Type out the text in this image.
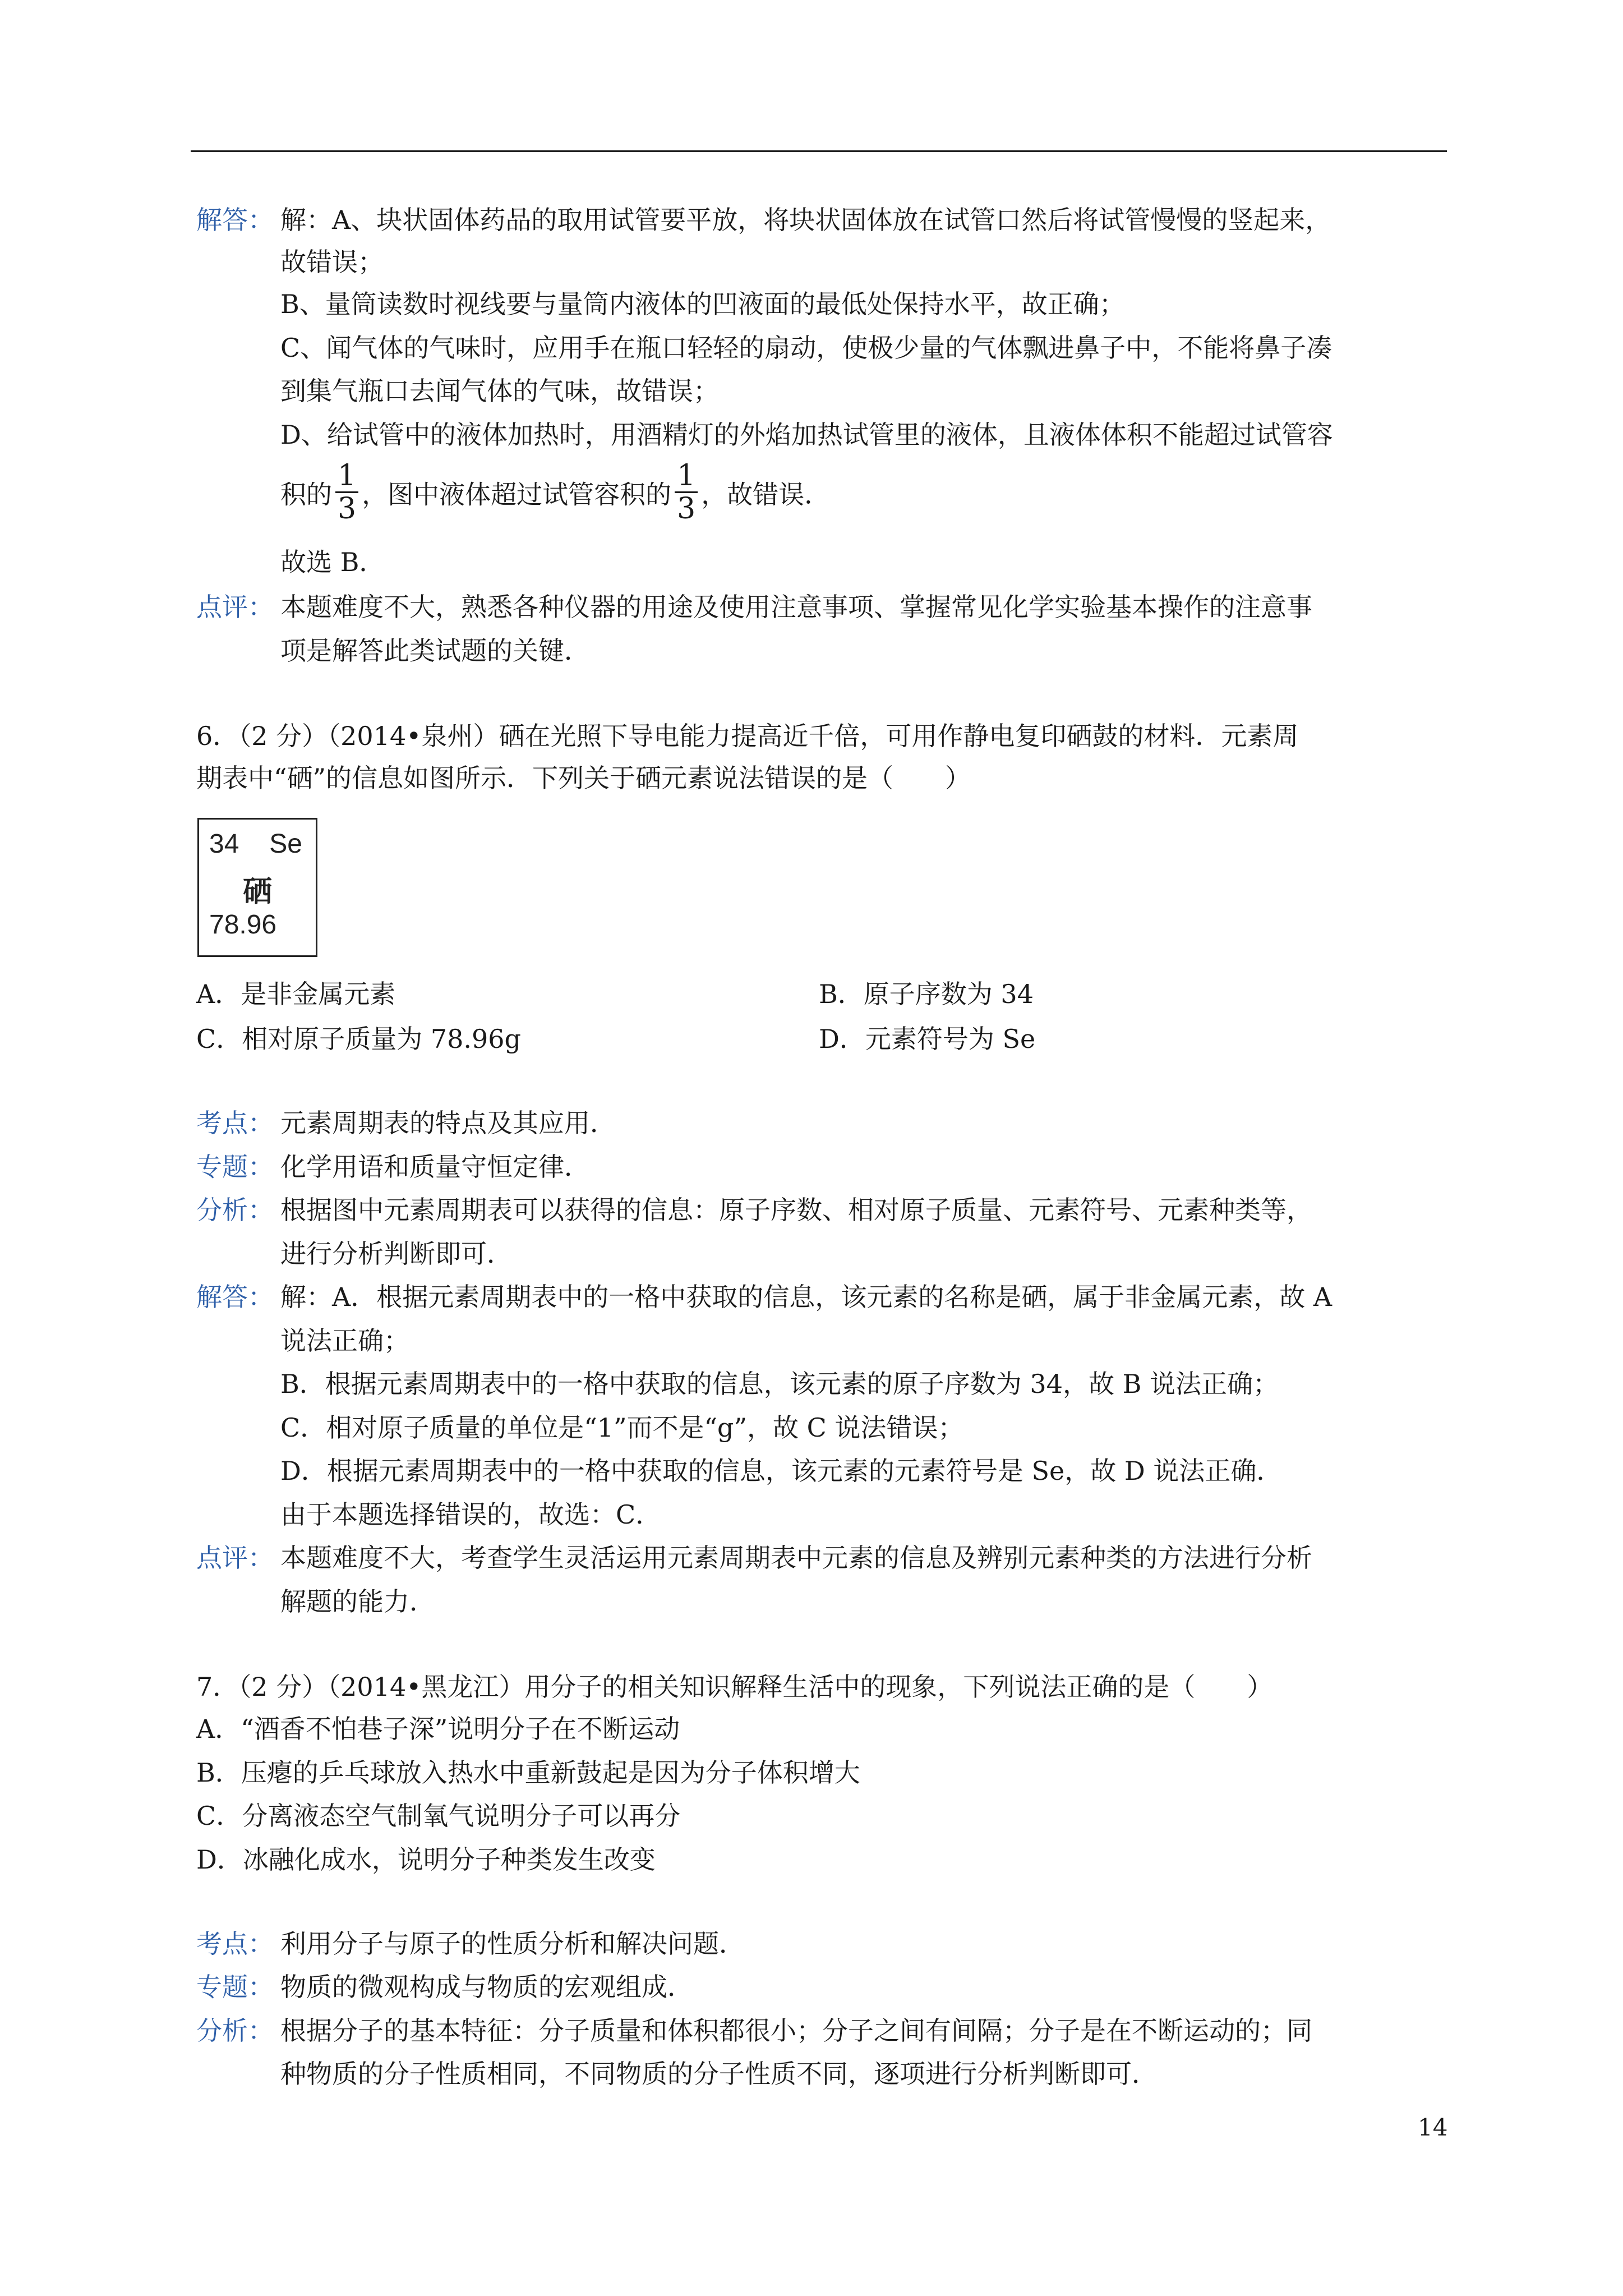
解答： 解：A、块状固体药品的取用试管要平放，将块状固体放在试管口然后将试管慢慢的竖起来，
故错误；
B、量筒读数时视线要与量筒内液体的凹液面的最低处保持水平，故正确；
C、闻气体的气味时，应用手在瓶口轻轻的扇动，使极少量的气体飘进鼻子中，不能将鼻子凑
到集气瓶口去闻气体的气味，故错误；
D、给试管中的液体加热时，用酒精灯的外焰加热试管里的液体，且液体体积不能超过试管容
积的 $\frac{1}{3}$ ，图中液体超过试管容积的 $\frac{1}{3}$ ，故错误．
故选 B．
点评： 本题难度不大，熟悉各种仪器的用途及使用注意事项、掌握常见化学实验基本操作的注意事
项是解答此类试题的关键．
6．（2 分）（2014•泉州）硒在光照下导电能力提高近千倍，可用作静电复印硒鼓的材料．元素周
期表中“硒”的信息如图所示．下列关于硒元素说法错误的是（　　）
34 Se
硒
78.96
A．是非金属元素	B．原子序数为 34
C．相对原子质量为 78.96g	D．元素符号为 Se
考点： 元素周期表的特点及其应用．
专题： 化学用语和质量守恒定律．
分析： 根据图中元素周期表可以获得的信息：原子序数、相对原子质量、元素符号、元素种类等，
进行分析判断即可．
解答： 解：A．根据元素周期表中的一格中获取的信息，该元素的名称是硒，属于非金属元素，故 A
说法正确；
B．根据元素周期表中的一格中获取的信息，该元素的原子序数为 34，故 B 说法正确；
C．相对原子质量的单位是“1”而不是“g”，故 C 说法错误；
D．根据元素周期表中的一格中获取的信息，该元素的元素符号是 Se，故 D 说法正确．
由于本题选择错误的，故选：C．
点评： 本题难度不大，考查学生灵活运用元素周期表中元素的信息及辨别元素种类的方法进行分析
解题的能力．
7．（2 分）（2014•黑龙江）用分子的相关知识解释生活中的现象，下列说法正确的是（　　）
A．“酒香不怕巷子深”说明分子在不断运动
B．压瘪的乒乓球放入热水中重新鼓起是因为分子体积增大
C．分离液态空气制氧气说明分子可以再分
D．冰融化成水，说明分子种类发生改变
考点： 利用分子与原子的性质分析和解决问题．
专题： 物质的微观构成与物质的宏观组成．
分析： 根据分子的基本特征：分子质量和体积都很小；分子之间有间隔；分子是在不断运动的；同
种物质的分子性质相同，不同物质的分子性质不同，逐项进行分析判断即可．
14
